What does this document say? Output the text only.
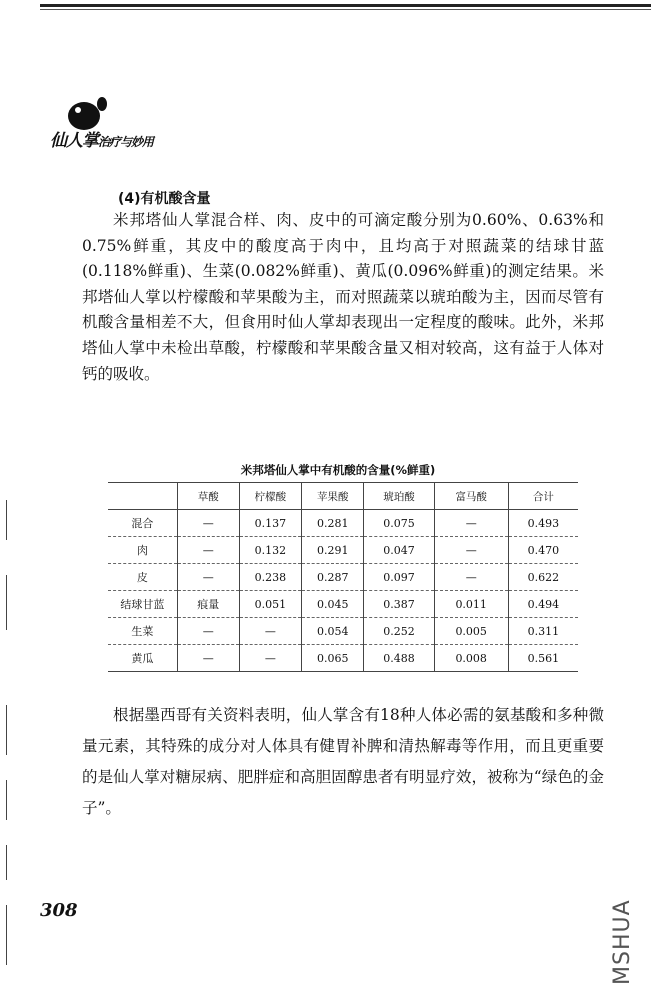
仙人掌治疗与妙用
(4)有机酸含量

米邦塔仙人掌混合样、肉、皮中的可滴定酸分别为0.60%、0.63%和0.75%鲜重，其皮中的酸度高于肉中，且均高于对照蔬菜的结球甘蓝(0.118%鲜重)、生菜(0.082%鲜重)、黄瓜(0.096%鲜重)的测定结果。米邦塔仙人掌以柠檬酸和苹果酸为主，而对照蔬菜以琥珀酸为主，因而尽管有机酸含量相差不大，但食用时仙人掌却表现出一定程度的酸味。此外，米邦塔仙人掌中未检出草酸，柠檬酸和苹果酸含量又相对较高，这有益于人体对钙的吸收。

米邦塔仙人掌中有机酸的含量(%鲜重)
	草酸	柠檬酸	苹果酸	琥珀酸	富马酸	合计
混合	—	0.137	0.281	0.075	—	0.493
肉	—	0.132	0.291	0.047	—	0.470
皮	—	0.238	0.287	0.097	—	0.622
结球甘蓝	痕量	0.051	0.045	0.387	0.011	0.494
生菜	—	—	0.054	0.252	0.005	0.311
黄瓜	—	—	0.065	0.488	0.008	0.561

根据墨西哥有关资料表明，仙人掌含有18种人体必需的氨基酸和多种微量元素，其特殊的成分对人体具有健胃补脾和清热解毒等作用，而且更重要的是仙人掌对糖尿病、肥胖症和高胆固醇患者有明显疗效，被称为“绿色的金子”。

308	MSHUA
